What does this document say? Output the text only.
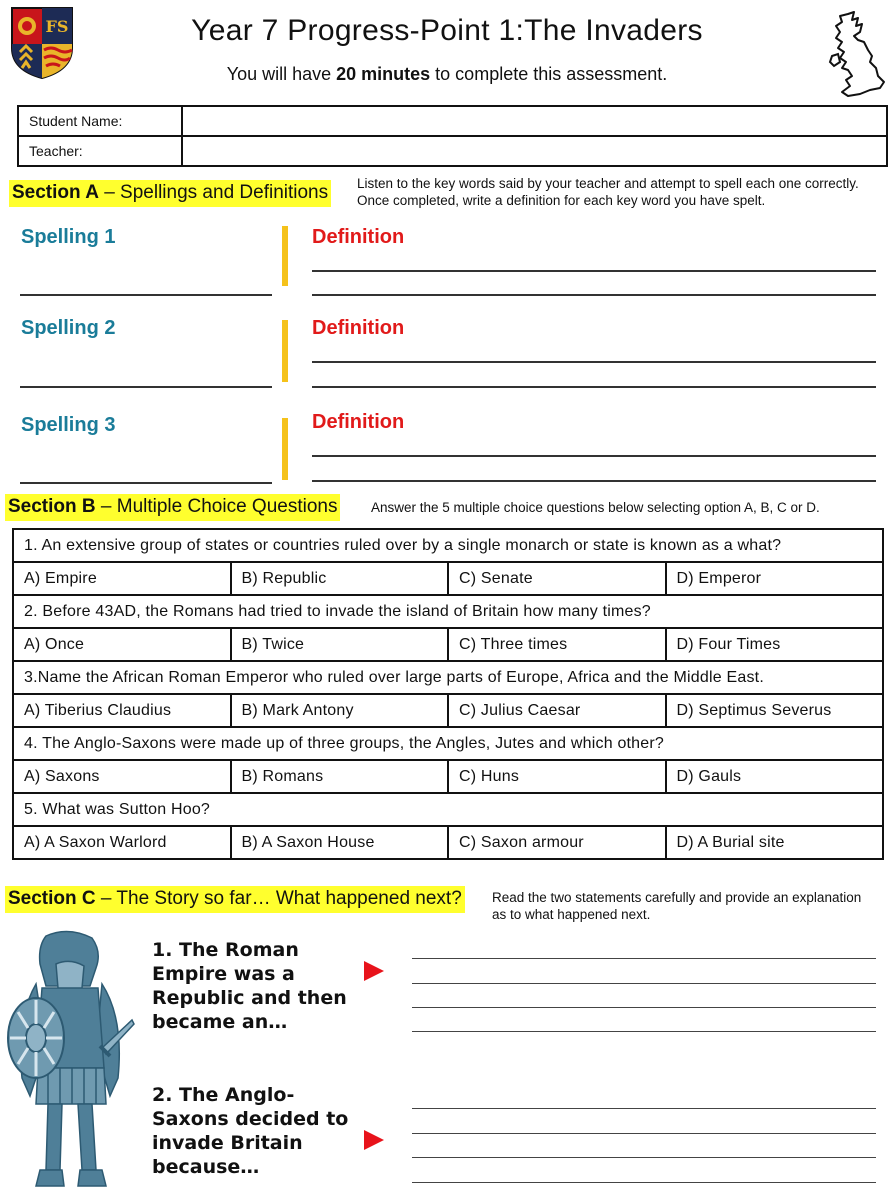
FS	Year 7 Progress-Point 1:The Invaders
You will have 20 minutes to complete this assessment.
Student Name:	
Teacher:	
Section A – Spellings and Definitions Listen to the key words said by your teacher and attempt to spell each one correctly. Once completed, write a definition for each key word you have spelt.
Spelling 1	Definition
Spelling 2	Definition
Spelling 3	Definition
Section B – Multiple Choice Questions Answer the 5 multiple choice questions below selecting option A, B, C or D.
1. An extensive group of states or countries ruled over by a single monarch or state is known as a what?			
A) Empire	B) Republic	C) Senate	D) Emperor
2. Before 43AD, the Romans had tried to invade the island of Britain how many times?			
A) Once	B) Twice	C) Three times	D) Four Times
3.Name the African Roman Emperor who ruled over large parts of Europe, Africa and the Middle East.			
A) Tiberius Claudius	B) Mark Antony	C) Julius Caesar	D) Septimus Severus
4. The Anglo-Saxons were made up of three groups, the Angles, Jutes and which other?			
A) Saxons	B) Romans	C) Huns	D) Gauls
5. What was Sutton Hoo?			
A) A Saxon Warlord	B) A Saxon House	C) Saxon armour	D) A Burial site
Section C – The Story so far… What happened next? Read the two statements carefully and provide an explanation as to what happened next.
1. The Roman
Empire was a
Republic and then
became an…
2. The Anglo-
Saxons decided to
invade Britain
because…
